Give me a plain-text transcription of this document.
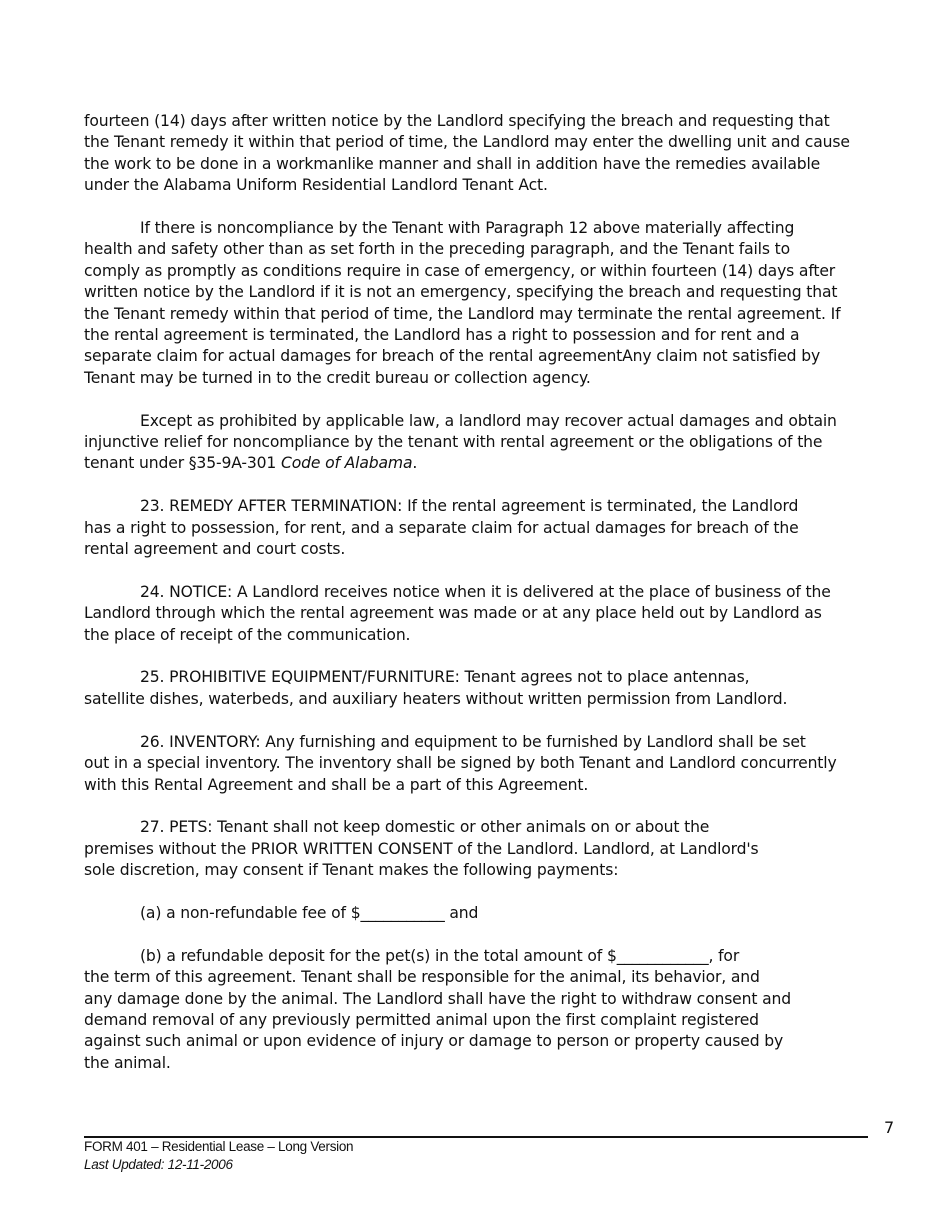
fourteen (14) days after written notice by the Landlord specifying the breach and requesting that
the Tenant remedy it within that period of time, the Landlord may enter the dwelling unit and cause
the work to be done in a workmanlike manner and shall in addition have the remedies available
under the Alabama Uniform Residential Landlord Tenant Act.

If there is noncompliance by the Tenant with Paragraph 12 above materially affecting
health and safety other than as set forth in the preceding paragraph, and the Tenant fails to
comply as promptly as conditions require in case of emergency, or within fourteen (14) days after
written notice by the Landlord if it is not an emergency, specifying the breach and requesting that
the Tenant remedy within that period of time, the Landlord may terminate the rental agreement. If
the rental agreement is terminated, the Landlord has a right to possession and for rent and a
separate claim for actual damages for breach of the rental agreementAny claim not satisfied by
Tenant may be turned in to the credit bureau or collection agency.

Except as prohibited by applicable law, a landlord may recover actual damages and obtain
injunctive relief for noncompliance by the tenant with rental agreement or the obligations of the
tenant under §35-9A-301 Code of Alabama.

23. REMEDY AFTER TERMINATION: If the rental agreement is terminated, the Landlord
has a right to possession, for rent, and a separate claim for actual damages for breach of the
rental agreement and court costs.

24. NOTICE: A Landlord receives notice when it is delivered at the place of business of the
Landlord through which the rental agreement was made or at any place held out by Landlord as
the place of receipt of the communication.

25. PROHIBITIVE EQUIPMENT/FURNITURE: Tenant agrees not to place antennas,
satellite dishes, waterbeds, and auxiliary heaters without written permission from Landlord.

26. INVENTORY: Any furnishing and equipment to be furnished by Landlord shall be set
out in a special inventory. The inventory shall be signed by both Tenant and Landlord concurrently
with this Rental Agreement and shall be a part of this Agreement.

27. PETS: Tenant shall not keep domestic or other animals on or about the
premises without the PRIOR WRITTEN CONSENT of the Landlord. Landlord, at Landlord's
sole discretion, may consent if Tenant makes the following payments:

(a) a non-refundable fee of $___________ and

(b) a refundable deposit for the pet(s) in the total amount of $____________, for
the term of this agreement. Tenant shall be responsible for the animal, its behavior, and
any damage done by the animal. The Landlord shall have the right to withdraw consent and
demand removal of any previously permitted animal upon the first complaint registered
against such animal or upon evidence of injury or damage to person or property caused by
the animal.

7
FORM 401 – Residential Lease – Long Version
Last Updated: 12-11-2006
